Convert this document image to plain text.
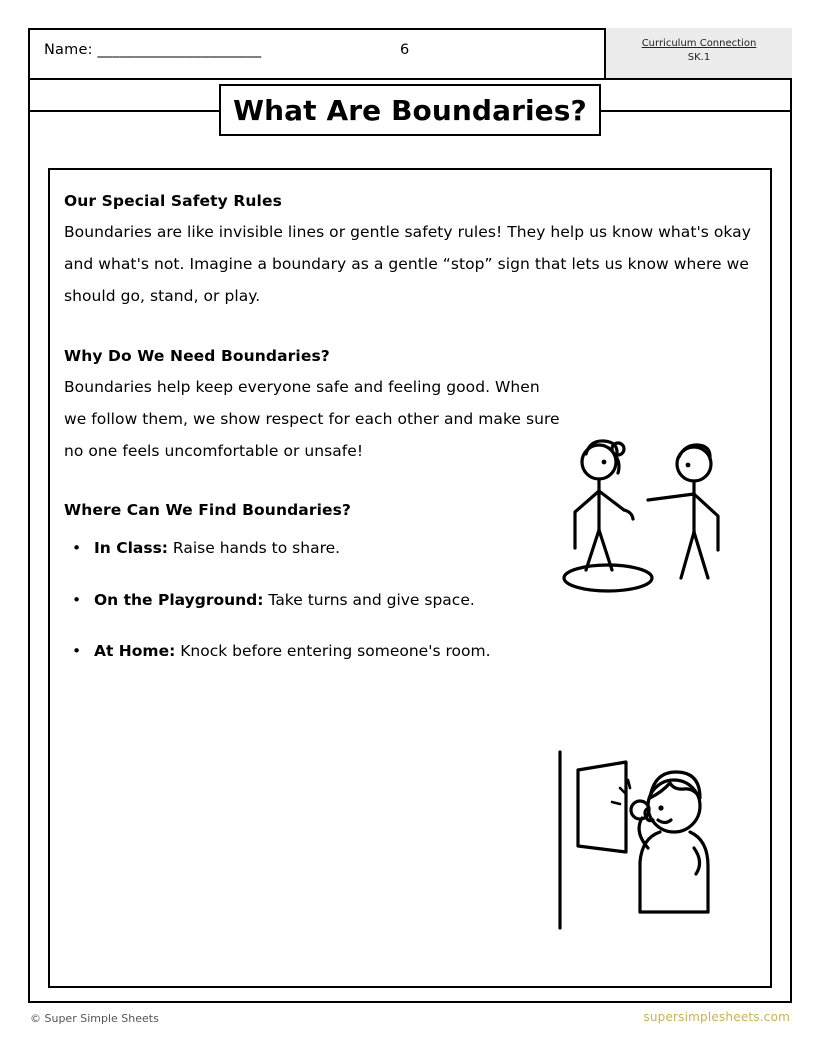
Name: ______________________	6	Curriculum Connection
SK.1
What Are Boundaries?
Our Special Safety Rules

Boundaries are like invisible lines or gentle safety rules! They help us know what's okay and what's not. Imagine a boundary as a gentle “stop” sign that lets us know where we should go, stand, or play.

Why Do We Need Boundaries?

Boundaries help keep everyone safe and feeling good. When we follow them, we show respect for each other and make sure no one feels uncomfortable or unsafe!

Where Can We Find Boundaries?
• In Class: Raise hands to share.
• On the Playground: Take turns and give space.
• At Home: Knock before entering someone's room.
© Super Simple Sheets	supersimplesheets.com
